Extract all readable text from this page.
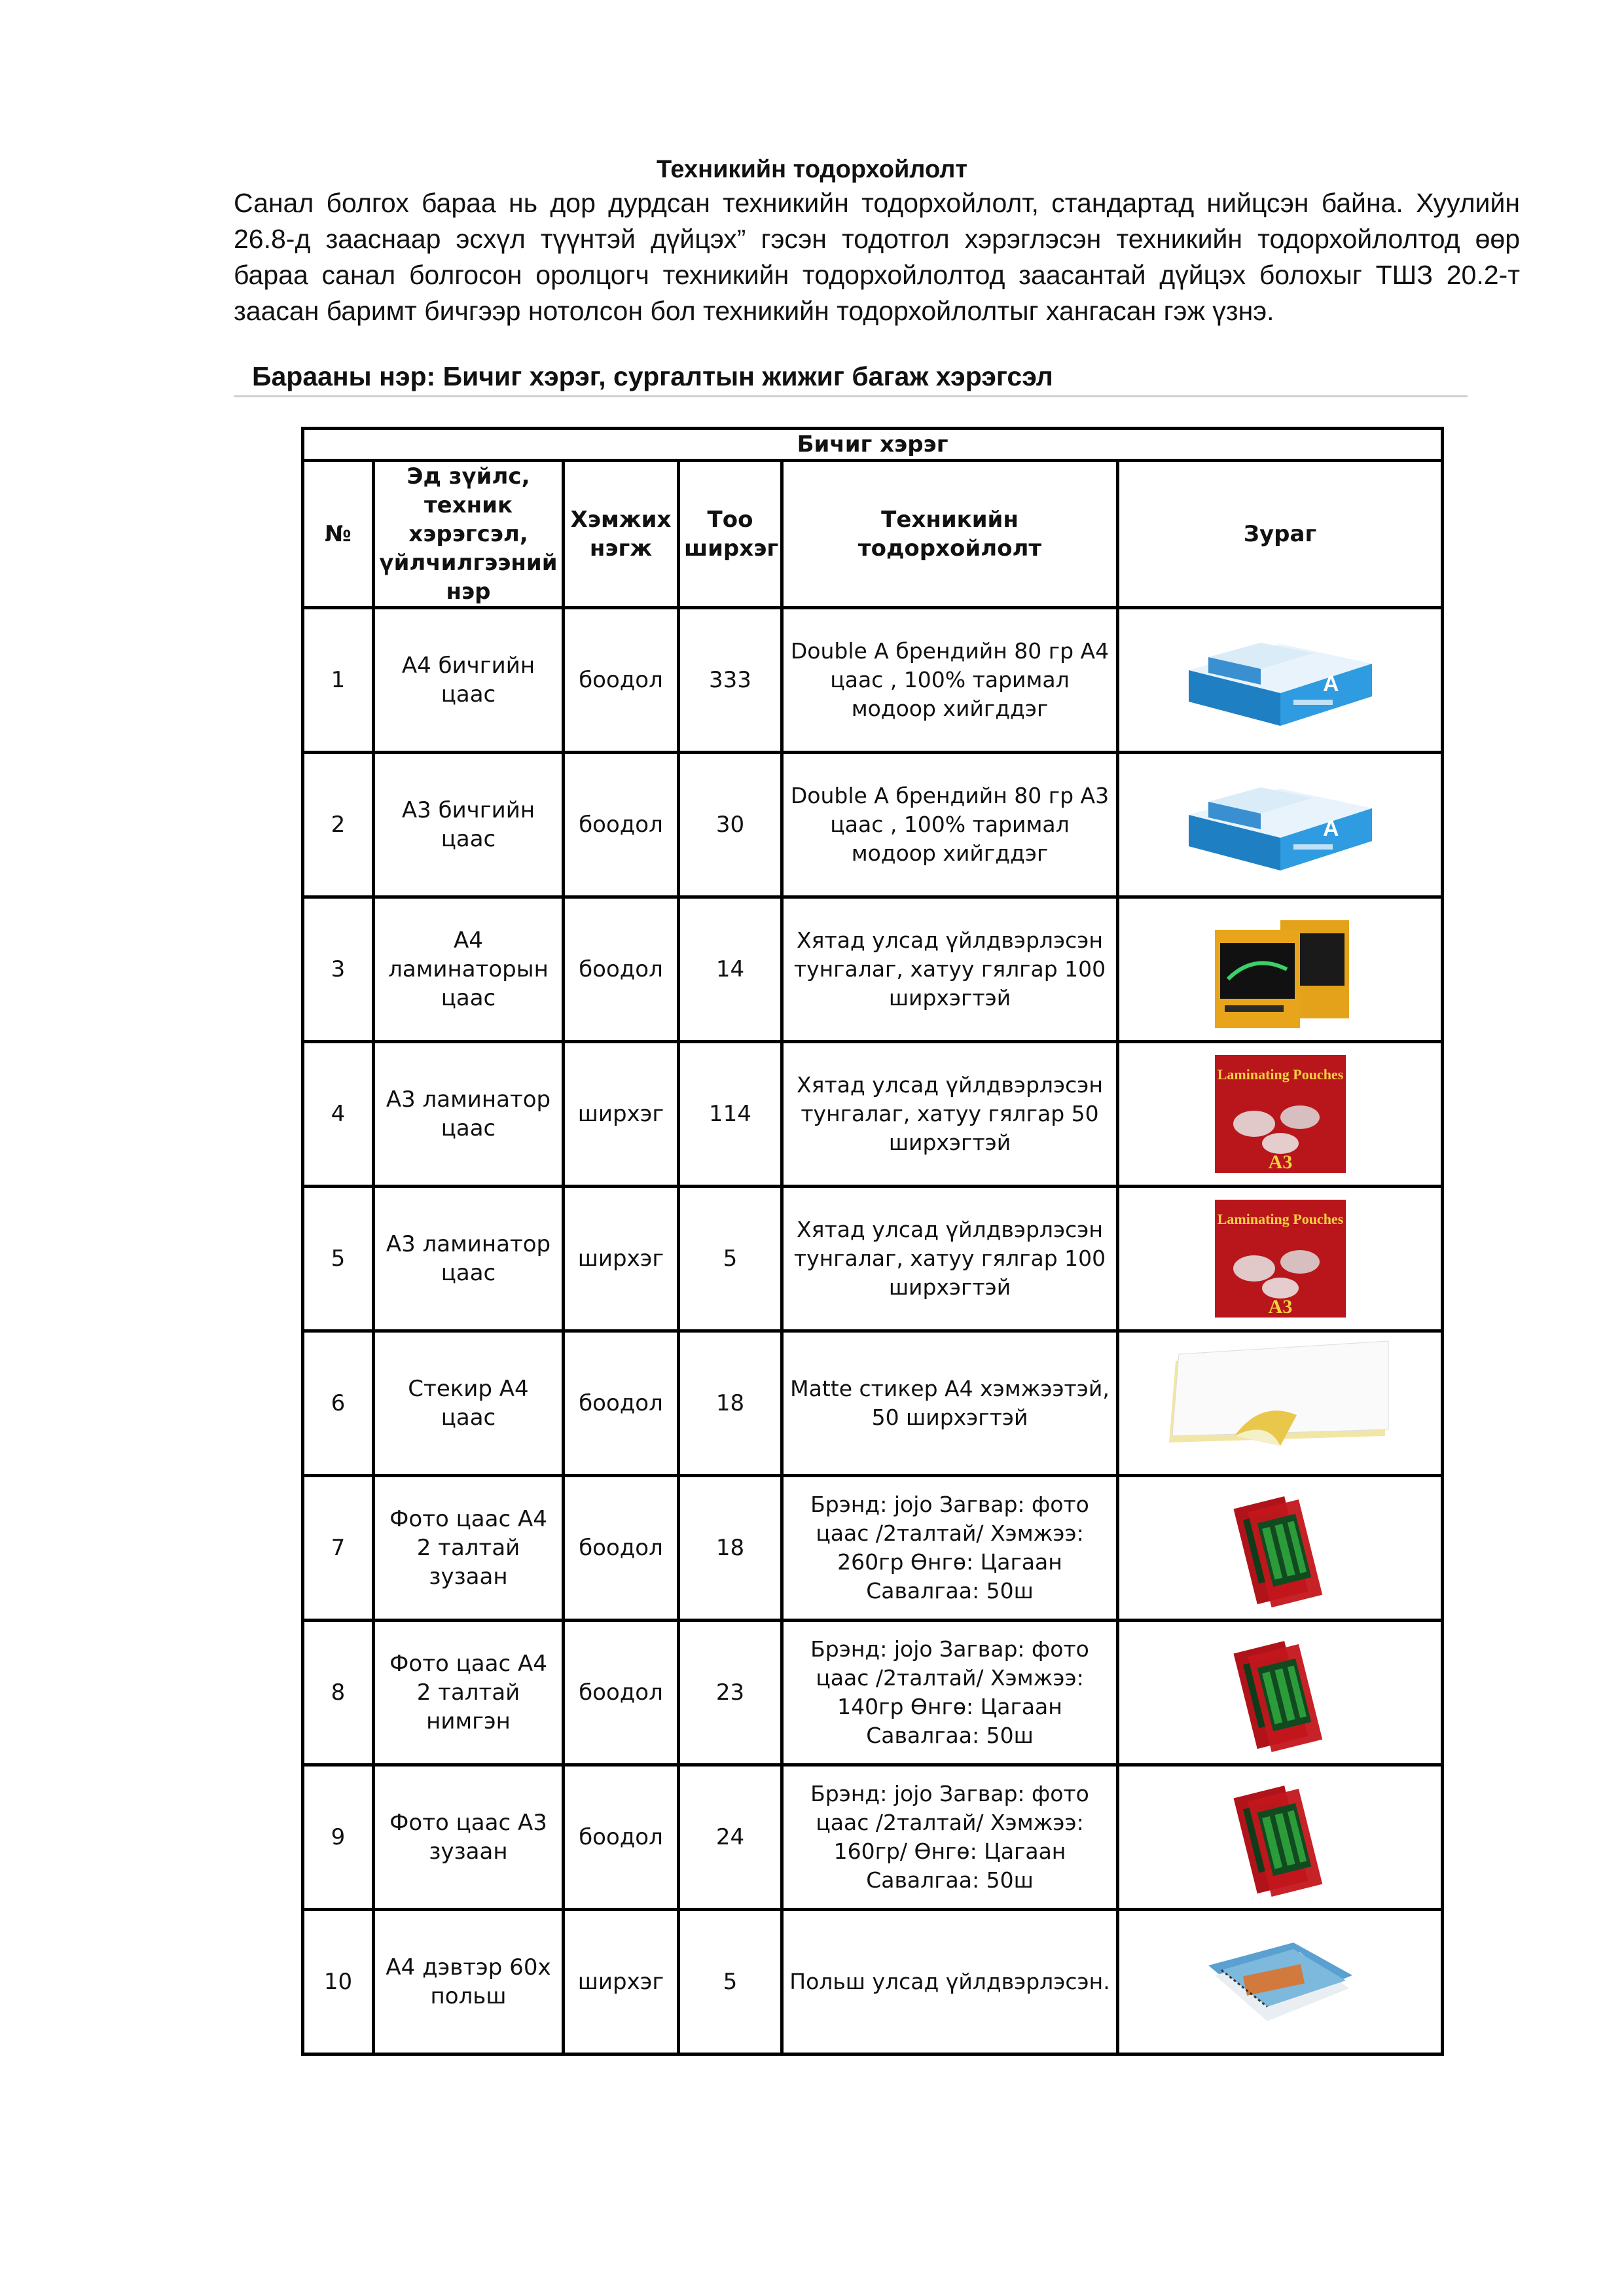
Техникийн тодорхойлолт

Санал болгох бараа нь дор дурдсан техникийн тодорхойлолт, стандартад нийцсэн байна. Хуулийн 26.8-д зааснаар эсхүл түүнтэй дүйцэх” гэсэн тодотгол хэрэглэсэн техникийн тодорхойлолтод өөр бараа санал болгосон оролцогч техникийн тодорхойлолтод заасантай дүйцэх болохыг ТШЗ 20.2-т заасан баримт бичгээр нотолсон бол техникийн тодорхойлолтыг хангасан гэж үзнэ.

Барааны нэр: Бичиг хэрэг, сургалтын жижиг багаж хэрэгсэл
Бичиг хэрэг					
№	Эд зүйлс, техник хэрэгсэл, үйлчилгээний нэр	Хэмжих нэгж	Тоо ширхэг	Техникийн тодорхойлолт	Зураг
1	А4 бичгийн цаас	боодол	333	Double A брендийн 80 гр А4 цаас , 100% таримал модоор хийгддэг	A

2	А3 бичгийн цаас	боодол	30	Double A брендийн 80 гр А3 цаас , 100% таримал модоор хийгддэг	A

3	А4 ламинаторын цаас	боодол	14	Хятад улсад үйлдвэрлэсэн тунгалаг, хатуу гялгар 100 ширхэгтэй	

4	А3 ламинатор цаас	ширхэг	114	Хятад улсад үйлдвэрлэсэн тунгалаг, хатуу гялгар 50 ширхэгтэй	Laminating Pouches
A3

5	А3 ламинатор цаас	ширхэг	5	Хятад улсад үйлдвэрлэсэн тунгалаг, хатуу гялгар 100 ширхэгтэй	Laminating Pouches
A3

6	Стекир А4 цаас	боодол	18	Matte стикер А4 хэмжээтэй, 50 ширхэгтэй	

7	Фото цаас А4 2 талтай зузаан	боодол	18	Брэнд: jojo Загвар: фото цаас /2талтай/ Хэмжээ: 260гр Өнгө: Цагаан Савалгаа: 50ш	

8	Фото цаас А4 2 талтай нимгэн	боодол	23	Брэнд: jojo Загвар: фото цаас /2талтай/ Хэмжээ: 140гр Өнгө: Цагаан Савалгаа: 50ш	

9	Фото цаас А3 зузаан	боодол	24	Брэнд: jojo Загвар: фото цаас /2талтай/ Хэмжээ: 160гр/ Өнгө: Цагаан Савалгаа: 50ш	

10	А4 дэвтэр 60х польш	ширхэг	5	Польш улсад үйлдвэрлэсэн.	
